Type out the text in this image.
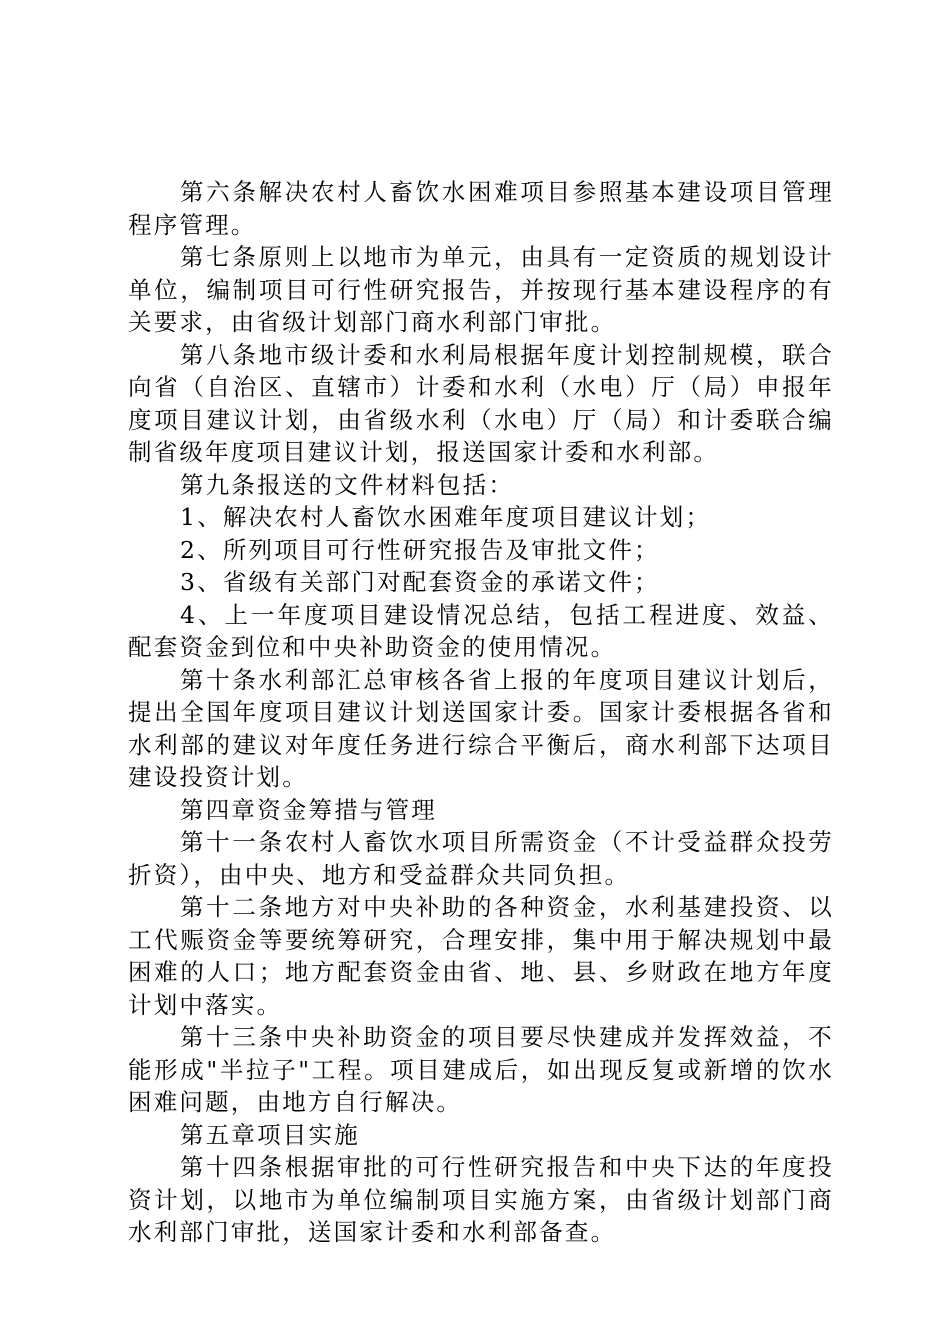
第六条解决农村人畜饮水困难项目参照基本建设项目管理程序管理。

第七条原则上以地市为单元，由具有一定资质的规划设计单位，编制项目可行性研究报告，并按现行基本建设程序的有关要求，由省级计划部门商水利部门审批。

第八条地市级计委和水利局根据年度计划控制规模，联合向省（自治区、直辖市）计委和水利（水电）厅（局）申报年度项目建议计划，由省级水利（水电）厅（局）和计委联合编制省级年度项目建议计划，报送国家计委和水利部。

第九条报送的文件材料包括：

1、解决农村人畜饮水困难年度项目建议计划；

2、所列项目可行性研究报告及审批文件；

3、省级有关部门对配套资金的承诺文件；

4、上一年度项目建设情况总结，包括工程进度、效益、配套资金到位和中央补助资金的使用情况。

第十条水利部汇总审核各省上报的年度项目建议计划后，提出全国年度项目建议计划送国家计委。国家计委根据各省和水利部的建议对年度任务进行综合平衡后，商水利部下达项目建设投资计划。

第四章资金筹措与管理

第十一条农村人畜饮水项目所需资金（不计受益群众投劳折资），由中央、地方和受益群众共同负担。

第十二条地方对中央补助的各种资金，水利基建投资、以工代赈资金等要统筹研究，合理安排，集中用于解决规划中最困难的人口；地方配套资金由省、地、县、乡财政在地方年度计划中落实。

第十三条中央补助资金的项目要尽快建成并发挥效益，不能形成"半拉子"工程。项目建成后，如出现反复或新增的饮水困难问题，由地方自行解决。

第五章项目实施

第十四条根据审批的可行性研究报告和中央下达的年度投资计划，以地市为单位编制项目实施方案，由省级计划部门商水利部门审批，送国家计委和水利部备查。
